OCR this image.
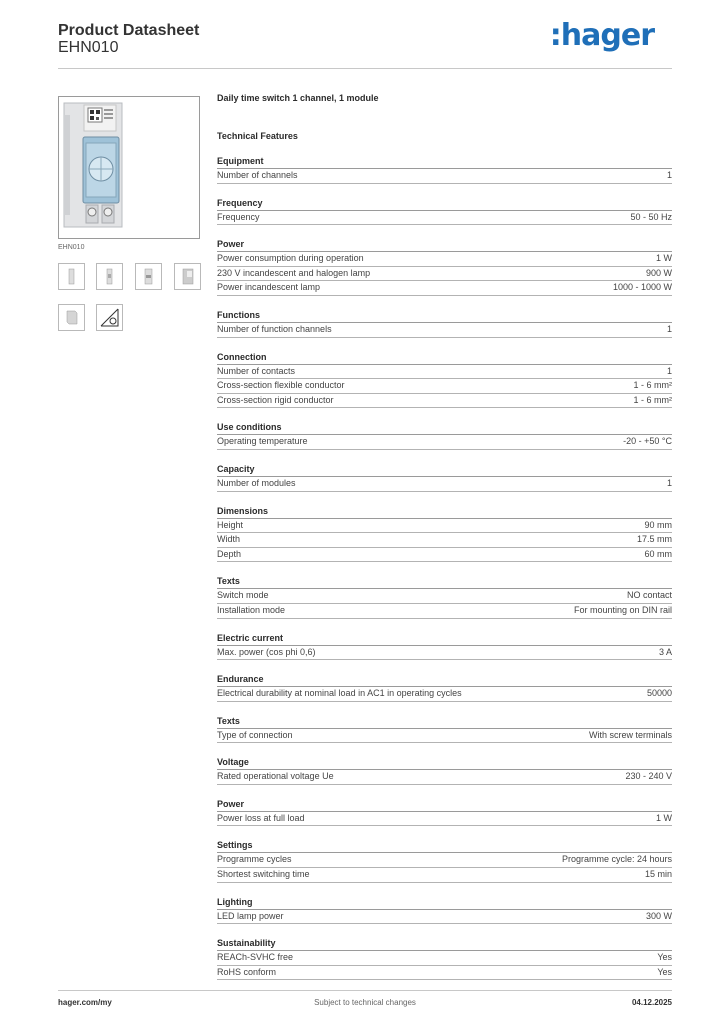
Product Datasheet
EHN010	:hager
EHN010
Daily time switch 1 channel, 1 module
Technical Features
Equipment
Number of channels	1
Frequency
Frequency	50 - 50 Hz
Power
Power consumption during operation	1 W
230 V incandescent and halogen lamp	900 W
Power incandescent lamp	1000 - 1000 W
Functions
Number of function channels	1
Connection
Number of contacts	1
Cross-section flexible conductor	1 - 6 mm²
Cross-section rigid conductor	1 - 6 mm²
Use conditions
Operating temperature	-20 - +50 °C
Capacity
Number of modules	1
Dimensions
Height	90 mm
Width	17.5 mm
Depth	60 mm
Texts
Switch mode	NO contact
Installation mode	For mounting on DIN rail
Electric current
Max. power (cos phi 0,6)	3 A
Endurance
Electrical durability at nominal load in AC1 in operating cycles	50000
Texts
Type of connection	With screw terminals
Voltage
Rated operational voltage Ue	230 - 240 V
Power
Power loss at full load	1 W
Settings
Programme cycles	Programme cycle: 24 hours
Shortest switching time	15 min
Lighting
LED lamp power	300 W
Sustainability
REACh-SVHC free	Yes
RoHS conform	Yes
hager.com/my	Subject to technical changes	04.12.2025
